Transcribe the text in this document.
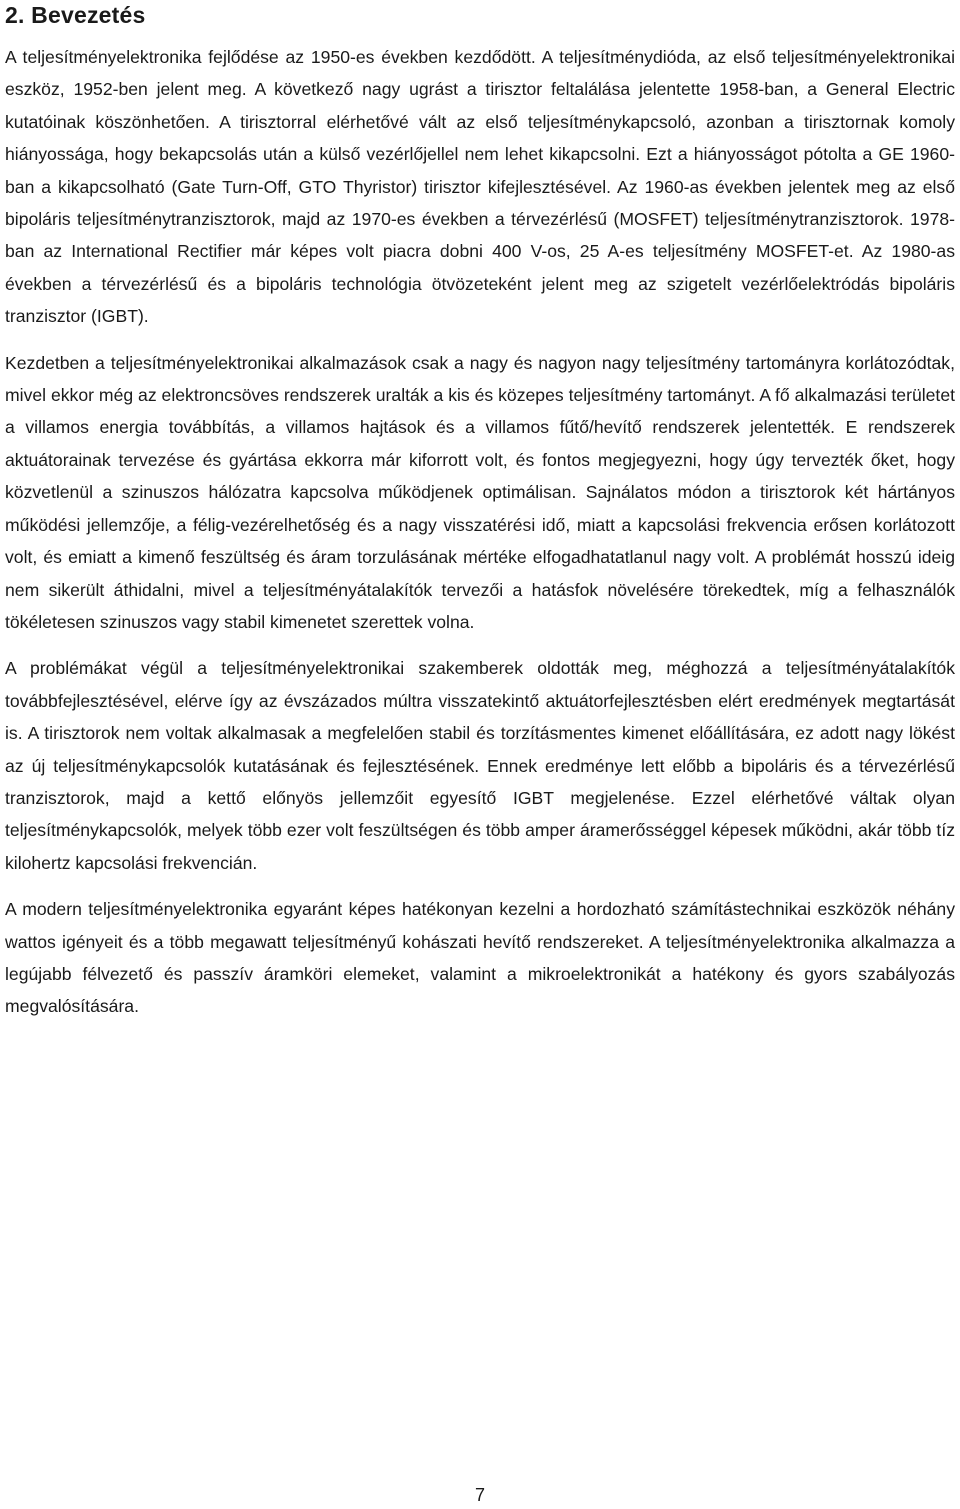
2. Bevezetés

A teljesítményelektronika fejlődése az 1950-es években kezdődött. A teljesítménydióda, az első teljesítményelektronikai eszköz, 1952-ben jelent meg. A következő nagy ugrást a tirisztor feltalálása jelentette 1958-ban, a General Electric kutatóinak köszönhetően. A tirisztorral elérhetővé vált az első teljesítménykapcsoló, azonban a tirisztornak komoly hiányossága, hogy bekapcsolás után a külső vezérlőjellel nem lehet kikapcsolni. Ezt a hiányosságot pótolta a GE 1960-ban a kikapcsolható (Gate Turn-Off, GTO Thyristor) tirisztor kifejlesztésével. Az 1960-as években jelentek meg az első bipoláris teljesítménytranzisztorok, majd az 1970-es években a térvezérlésű (MOSFET) teljesítménytranzisztorok. 1978-ban az International Rectifier már képes volt piacra dobni 400 V-os, 25 A-es teljesítmény MOSFET-et. Az 1980-as években a térvezérlésű és a bipoláris technológia ötvözeteként jelent meg az szigetelt vezérlőelektródás bipoláris tranzisztor (IGBT).

Kezdetben a teljesítményelektronikai alkalmazások csak a nagy és nagyon nagy teljesítmény tartományra korlátozódtak, mivel ekkor még az elektroncsöves rendszerek uralták a kis és közepes teljesítmény tartományt. A fő alkalmazási területet a villamos energia továbbítás, a villamos hajtások és a villamos fűtő/hevítő rendszerek jelentették. E rendszerek aktuátorainak tervezése és gyártása ekkorra már kiforrott volt, és fontos megjegyezni, hogy úgy tervezték őket, hogy közvetlenül a szinuszos hálózatra kapcsolva működjenek optimálisan. Sajnálatos módon a tirisztorok két hártányos működési jellemzője, a félig-vezérelhetőség és a nagy visszatérési idő, miatt a kapcsolási frekvencia erősen korlátozott volt, és emiatt a kimenő feszültség és áram torzulásának mértéke elfogadhatatlanul nagy volt. A problémát hosszú ideig nem sikerült áthidalni, mivel a teljesítményátalakítók tervezői a hatásfok növelésére törekedtek, míg a felhasználók tökéletesen szinuszos vagy stabil kimenetet szerettek volna.

A problémákat végül a teljesítményelektronikai szakemberek oldották meg, méghozzá a teljesítményátalakítók továbbfejlesztésével, elérve így az évszázados múltra visszatekintő aktuátorfejlesztésben elért eredmények megtartását is. A tirisztorok nem voltak alkalmasak a megfelelően stabil és torzításmentes kimenet előállítására, ez adott nagy lökést az új teljesítménykapcsolók kutatásának és fejlesztésének. Ennek eredménye lett előbb a bipoláris és a térvezérlésű tranzisztorok, majd a kettő előnyös jellemzőit egyesítő IGBT megjelenése. Ezzel elérhetővé váltak olyan teljesítménykapcsolók, melyek több ezer volt feszültségen és több amper áramerősséggel képesek működni, akár több tíz kilohertz kapcsolási frekvencián.

A modern teljesítményelektronika egyaránt képes hatékonyan kezelni a hordozható számítástechnikai eszközök néhány wattos igényeit és a több megawatt teljesítményű kohászati hevítő rendszereket. A teljesítményelektronika alkalmazza a legújabb félvezető és passzív áramköri elemeket, valamint a mikroelektronikát a hatékony és gyors szabályozás megvalósítására.

7
